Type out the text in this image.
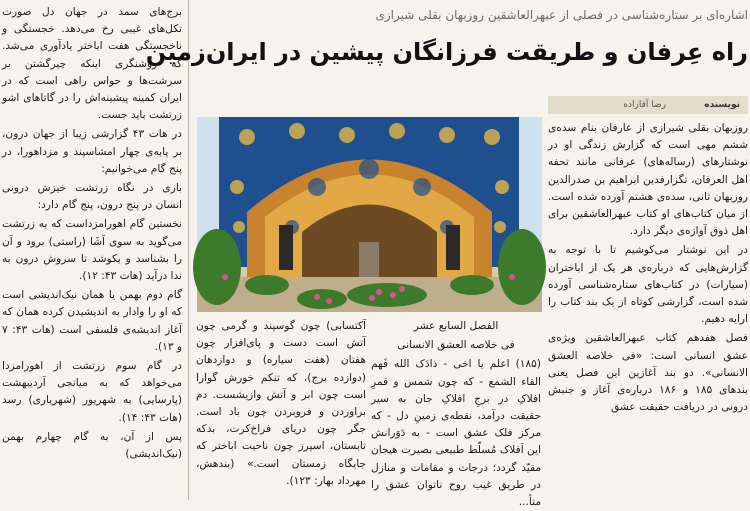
اشاره‌ای بر ستاره‌شناسی در فصلی از عبهرالعاشقین روزبهان بقلی شیرازی
راه عِرفان و طریقت فرزانگان پیشین در ایران‌زمین
نویسنده
رضا آقازاده

برج‌های سمد در جهان دل صورت تکل‌های غیبی رخ می‌دهد. خجستگی و ناخجستگی هفت اباختر یادآوری می‌شد. که روشنگری اینکه چیرگشتن بر سرشت‌ها و حواس راهی است که در ایران کمینه پیشینه‌اش را در گاتاهای اشو زرتشت باید جست.

در هات ۴۳ گزارشی زیبا از جهان درون، بر پایه‌ی چهار امشاسپند و مزداهورا، در پنج گام می‌خوانیم:

باری در نگاه زرتشت خیزش درونی انسان در پنج درون، پنج گام دارد:

نخستین گام اهورامزداست که به زرتشت می‌گوید به سوی اَشَا (راستی) برود و آن را بشناسد و بکوشد تا سروش درون به ندا درآید (هات ۴۳: ۱۲).

گام دوم بهمن یا همان نیک‌اندیشی است که او را وادار به اندیشیدن کرده همان که آغاز اندیشه‌ی فلسفی است (هات ۴۳: ۷ و ۱۳).

در گام سوم زرتشت از اهورامزدا می‌خواهد که به میانجی اَردیبهشت (پارسایی) به شهریور (شهریاری) رسد (هات ۴۳: ۱۴).

پس از آن، به گام چهارم بهمن (نیک‌اندیشی)

روزبهان بقلی شیرازی از عارفان بنام سده‌ی ششم مهی است که گزارش زندگی او در نوشتارهای (رساله‌های) عرفانی مانند تحفه اهل العرفان، تگزارفدین ابراهیم بن صدرالدین روزبهان ثانی، سده‌ی هشتم آورده شده است. از میان کتاب‌های او کتاب عبهرالعاشقین برای اهل ذوق آوازه‌ی دیگر دارد.

در این نوشتار می‌کوشیم تا با توجه به گزارش‌هایی که درباره‌ی هر یک از اباختران (سیارات) در کتاب‌های ستاره‌شناسی آورده شده است، گزارشی کوتاه از یک بند کتاب را ارایه دهیم.

فصل هفدهم کتاب عبهرالعاشقین ویژه‌ی عشق انسانی است: «فی خلاصه العشق الانسانی». دو بند آغازین این فصل یعنی بندهای ۱۸۵ و ۱۸۶ درباره‌ی آغاز و جنبش درونی در دریافت حقیقت عشق

الفصل السابع عشر

فی خلاصه العشق الانسانی

(۱۸۵) اعلم یا اخی - ذادَک الله فَهم القاء الشمع - که چون شمس و قمرِ افلاکِ در برجِ افلاکِ جان به سیر حقیقت درآمد، نقطه‌ی زمینِ دل - که مرکز فلک عشق است - به دَوَرانش این اَفلاک مُسلّط طبیعی بصیرت هیجان مقیّد گردد؛ درجات و مقامات و منازل در طریق غیب روح ناتوان عشق را متأ...

آکتسابی) چون گوسپند و گرمی چون آتش است دست و پای‌افزار چون هفتان (هفت سیاره) و دوازدهان (دوازده برج)، که تنکم خورش گوارا است چون ابر و آتش وازیشست. دم براوردن و فروبردن چون باد است. جگر چون دریای فراخ‌کرت، بدکه تابستان، اسپرز چون ناحیت اباختر که جایگاه زمستان است.» (بندهش، مهرداد بهار: ۱۲۳).
